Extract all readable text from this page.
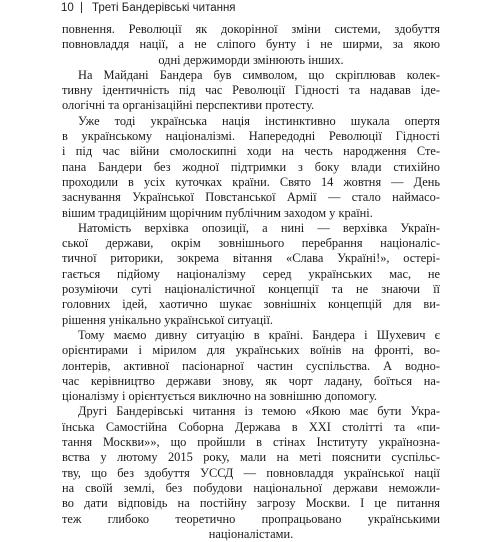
10 Треті Бандерівські читання
повнення. Революції як докорінної зміни системи, здобуття
повновладдя нації, а не сліпого бунту і не ширми, за якою
одні держиморди змінюють інших.
На Майдані Бандера був символом, що скріплював колек-
тивну ідентичність під час Революції Гідності та надавав іде-
ологічні та організаційні перспективи протесту.
Уже тоді українська нація інстинктивно шукала опертя
в українському націоналізмі. Напередодні Революції Гідності
і під час війни смолоскипні ходи на честь народження Сте-
пана Бандери без жодної підтримки з боку влади стихійно
проходили в усіх куточках країни. Свято 14 жовтня — День
заснування Української Повстанської Армії — стало наймасо-
вішим традиційним щорічним публічним заходом у країні.
Натомість верхівка опозиції, а нині — верхівка Україн-
ської держави, окрім зовнішнього перебрання націоналіс-
тичної риторики, зокрема вітання «Слава Україні!», остері-
гається підйому націоналізму серед українських мас, не
розуміючи суті націоналістичної концепції та не знаючи її
головних ідей, хаотично шукає зовнішніх концепцій для ви-
рішення унікально української ситуації.
Тому маємо дивну ситуацію в країні. Бандера і Шухевич є
орієнтирами і мірилом для українських воїнів на фронті, во-
лонтерів, активної пасіонарної частин суспільства. А водно-
час керівництво держави знову, як чорт ладану, боїться на-
ціоналізму і орієнтується виключно на зовнішню допомогу.
Другі Бандерівські читання із темою «Якою має бути Укра-
їнська Самостійна Соборна Держава в XXI столітті та «пи-
тання Москви»», що пройшли в стінах Інституту українозна-
вства у лютому 2015 року, мали на меті пояснити суспільс-
тву, що без здобуття УССД — повновладдя української нації
на своїй землі, без побудови національної держави неможли-
во дати відповідь на постійну загрозу Москви. І це питання
теж глибоко теоретично пропрацьовано українськими
націоналістами.
